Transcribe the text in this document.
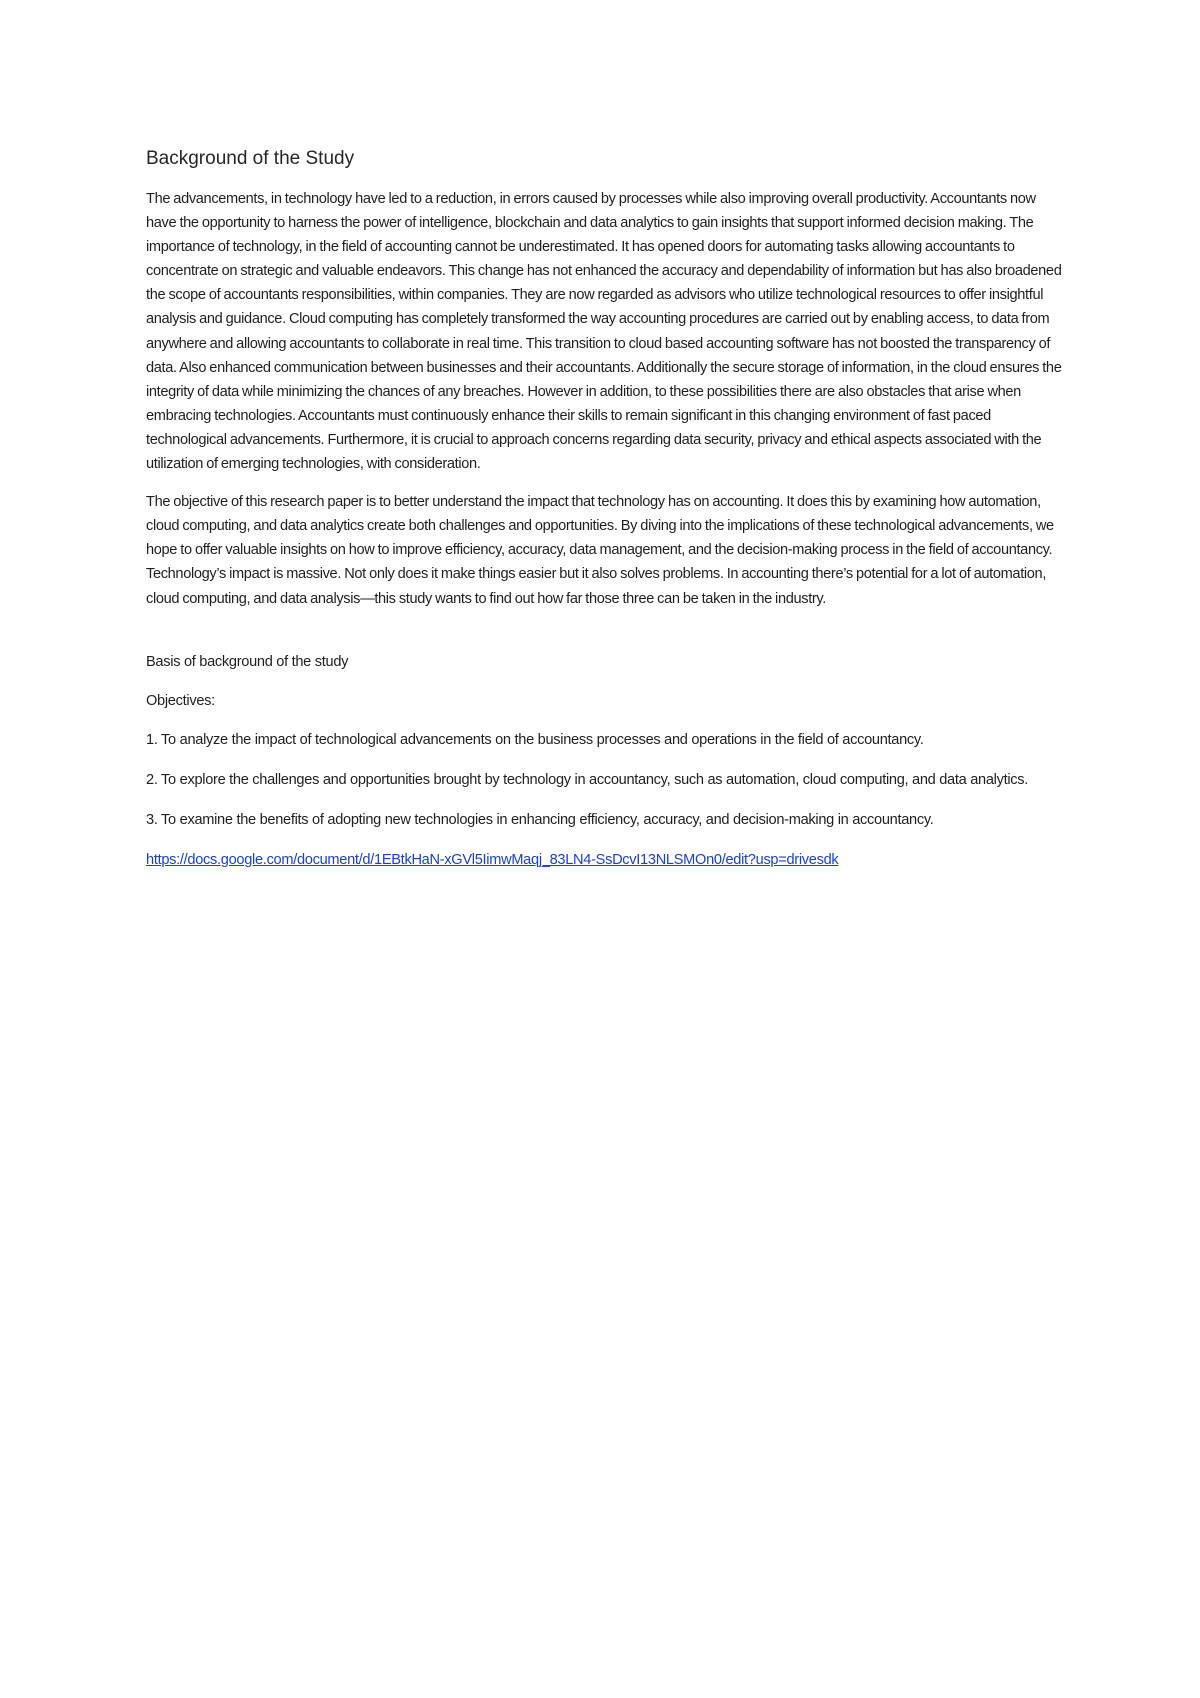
Background of the Study

The advancements, in technology have led to a reduction, in errors caused by processes while also improving overall productivity. Accountants now have the opportunity to harness the power of intelligence, blockchain and data analytics to gain insights that support informed decision making. The importance of technology, in the field of accounting cannot be underestimated. It has opened doors for automating tasks allowing accountants to concentrate on strategic and valuable endeavors. This change has not enhanced the accuracy and dependability of information but has also broadened the scope of accountants responsibilities, within companies. They are now regarded as advisors who utilize technological resources to offer insightful analysis and guidance. Cloud computing has completely transformed the way accounting procedures are carried out by enabling access, to data from anywhere and allowing accountants to collaborate in real time. This transition to cloud based accounting software has not boosted the transparency of data. Also enhanced communication between businesses and their accountants. Additionally the secure storage of information, in the cloud ensures the integrity of data while minimizing the chances of any breaches. However in addition, to these possibilities there are also obstacles that arise when embracing technologies. Accountants must continuously enhance their skills to remain significant in this changing environment of fast paced technological advancements. Furthermore, it is crucial to approach concerns regarding data security, privacy and ethical aspects associated with the utilization of emerging technologies, with consideration.

The objective of this research paper is to better understand the impact that technology has on accounting. It does this by examining how automation, cloud computing, and data analytics create both challenges and opportunities. By diving into the implications of these technological advancements, we hope to offer valuable insights on how to improve efficiency, accuracy, data management, and the decision-making process in the field of accountancy. Technology’s impact is massive. Not only does it make things easier but it also solves problems. In accounting there’s potential for a lot of automation, cloud computing, and data analysis—this study wants to find out how far those three can be taken in the industry.

Basis of background of the study

Objectives:

1. To analyze the impact of technological advancements on the business processes and operations in the field of accountancy.

2. To explore the challenges and opportunities brought by technology in accountancy, such as automation, cloud computing, and data analytics.

3. To examine the benefits of adopting new technologies in enhancing efficiency, accuracy, and decision-making in accountancy.

https://docs.google.com/document/d/1EBtkHaN-xGVl5IimwMaqj_83LN4-SsDcvI13NLSMOn0/edit?usp=drivesdk
